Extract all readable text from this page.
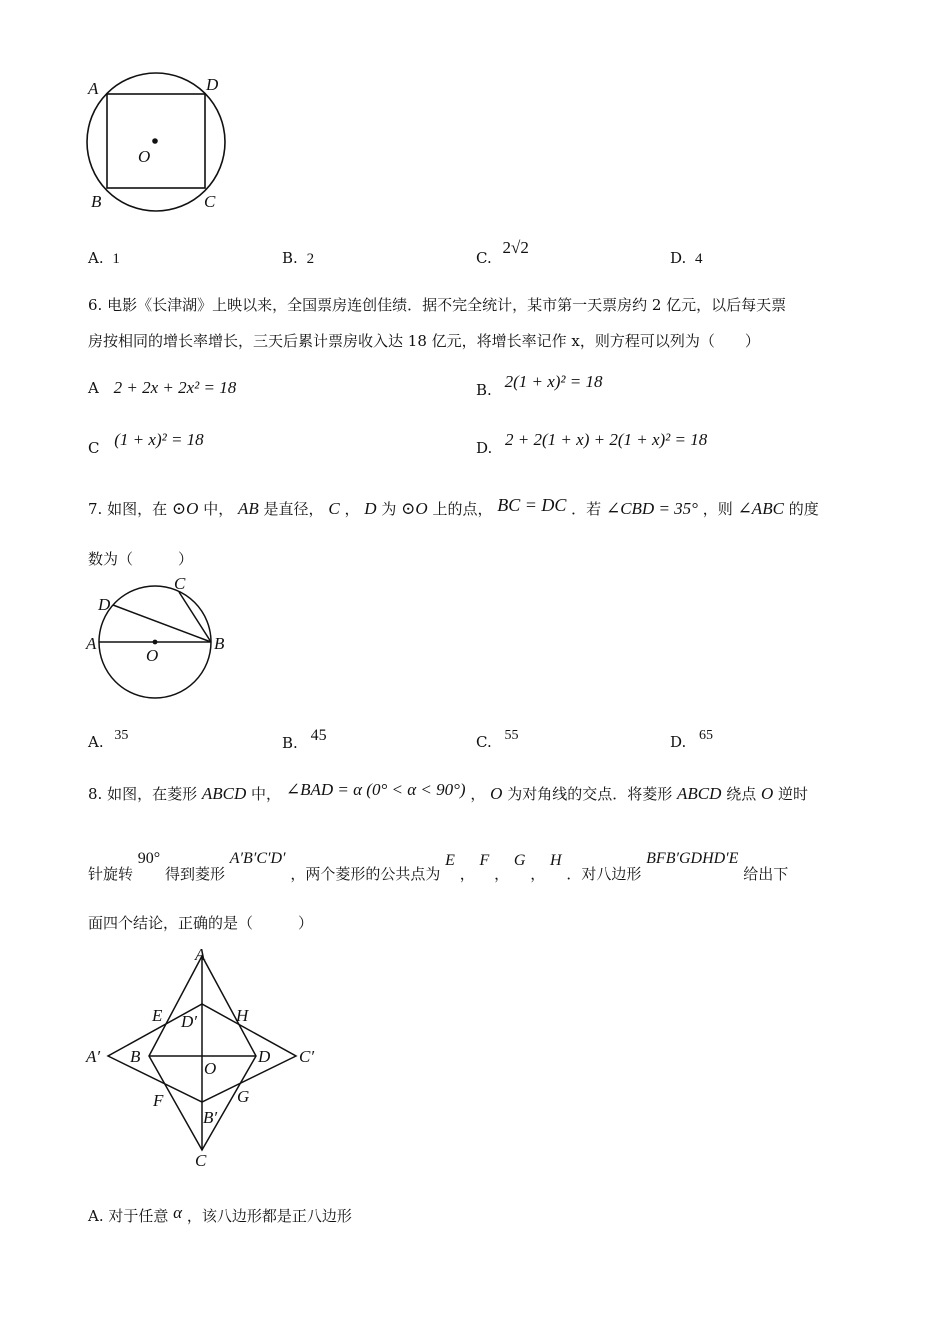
A	D
O
B	C
A. 1	B. 2	C. 2√2
D. 4
6. 电影《长津湖》上映以来，全国票房连创佳绩．据不完全统计，某市第一天票房约 2 亿元，以后每天票
房按相同的增长率增长，三天后累计票房收入达 18 亿元，将增长率记作 x，则方程可以列为（　　）
A 2 + 2x + 2x² = 18	B. 2(1 + x)² = 18
C (1 + x)² = 18	D. 2 + 2(1 + x) + 2(1 + x)² = 18
7. 如图，在 ⊙O 中， AB 是直径， C ， D 为 ⊙O 上的点， BC = DC ．若 ∠CBD = 35° ，则 ∠ABC 的度
数为（　　　）
A	B
C
D
O
A. 35	B. 45	C. 55	D. 65
8. 如图，在菱形 ABCD 中， ∠BAD = α (0° < α < 90°) ， O 为对角线的交点．将菱形 ABCD 绕点 O 逆时
针旋转 90° 得到菱形 A′B′C′D′ ，两个菱形的公共点为 E ， F ， G ， H ．对八边形 BFB′GDHD′E 给出下
面四个结论，正确的是（　　　）
A
E D′ H
A′ B	D C′
O
F	G
B′
C
A. 对于任意 α ，该八边形都是正八边形
